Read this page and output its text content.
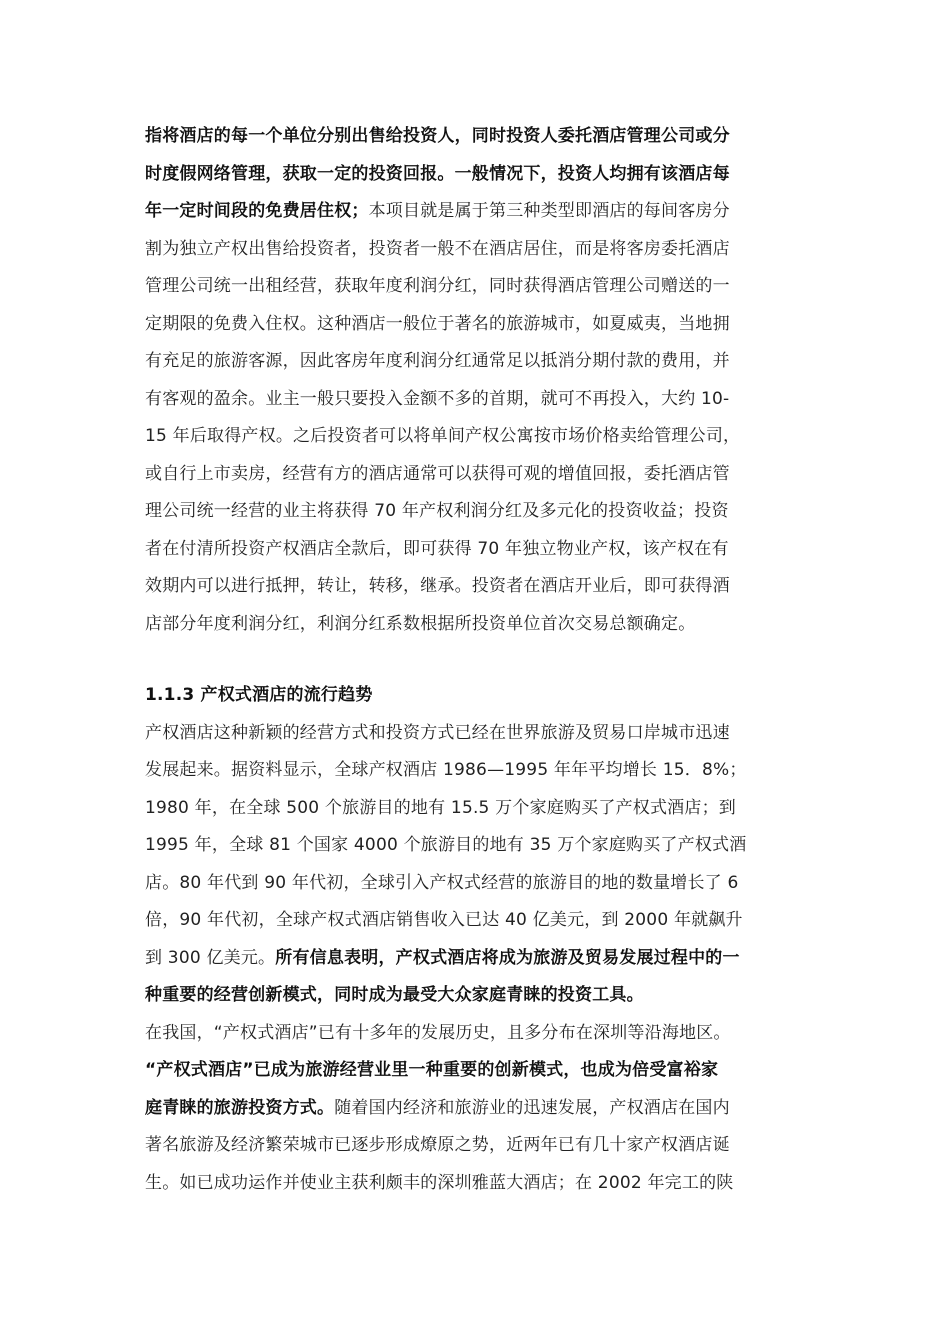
指将酒店的每一个单位分别出售给投资人，同时投资人委托酒店管理公司或分
时度假网络管理，获取一定的投资回报。一般情况下，投资人均拥有该酒店每
年一定时间段的免费居住权；本项目就是属于第三种类型即酒店的每间客房分
割为独立产权出售给投资者，投资者一般不在酒店居住，而是将客房委托酒店
管理公司统一出租经营，获取年度利润分红，同时获得酒店管理公司赠送的一
定期限的免费入住权。这种酒店一般位于著名的旅游城市，如夏威夷，当地拥
有充足的旅游客源，因此客房年度利润分红通常足以抵消分期付款的费用，并
有客观的盈余。业主一般只要投入金额不多的首期，就可不再投入，大约 10-
15 年后取得产权。之后投资者可以将单间产权公寓按市场价格卖给管理公司，
或自行上市卖房，经营有方的酒店通常可以获得可观的增值回报，委托酒店管
理公司统一经营的业主将获得 70 年产权利润分红及多元化的投资收益；投资
者在付清所投资产权酒店全款后，即可获得 70 年独立物业产权，该产权在有
效期内可以进行抵押，转让，转移，继承。投资者在酒店开业后，即可获得酒
店部分年度利润分红，利润分红系数根据所投资单位首次交易总额确定。
1.1.3 产权式酒店的流行趋势
产权酒店这种新颖的经营方式和投资方式已经在世界旅游及贸易口岸城市迅速
发展起来。据资料显示，全球产权酒店 1986—1995 年年平均增长 15．8%；
1980 年，在全球 500 个旅游目的地有 15.5 万个家庭购买了产权式酒店；到
1995 年，全球 81 个国家 4000 个旅游目的地有 35 万个家庭购买了产权式酒
店。80 年代到 90 年代初，全球引入产权式经营的旅游目的地的数量增长了 6
倍，90 年代初，全球产权式酒店销售收入已达 40 亿美元，到 2000 年就飙升
到 300 亿美元。所有信息表明，产权式酒店将成为旅游及贸易发展过程中的一
种重要的经营创新模式，同时成为最受大众家庭青睐的投资工具。
在我国，“产权式酒店”已有十多年的发展历史，且多分布在深圳等沿海地区。
“产权式酒店”已成为旅游经营业里一种重要的创新模式，也成为倍受富裕家
庭青睐的旅游投资方式。随着国内经济和旅游业的迅速发展，产权酒店在国内
著名旅游及经济繁荣城市已逐步形成燎原之势，近两年已有几十家产权酒店诞
生。如已成功运作并使业主获利颇丰的深圳雅蓝大酒店；在 2002 年完工的陕
